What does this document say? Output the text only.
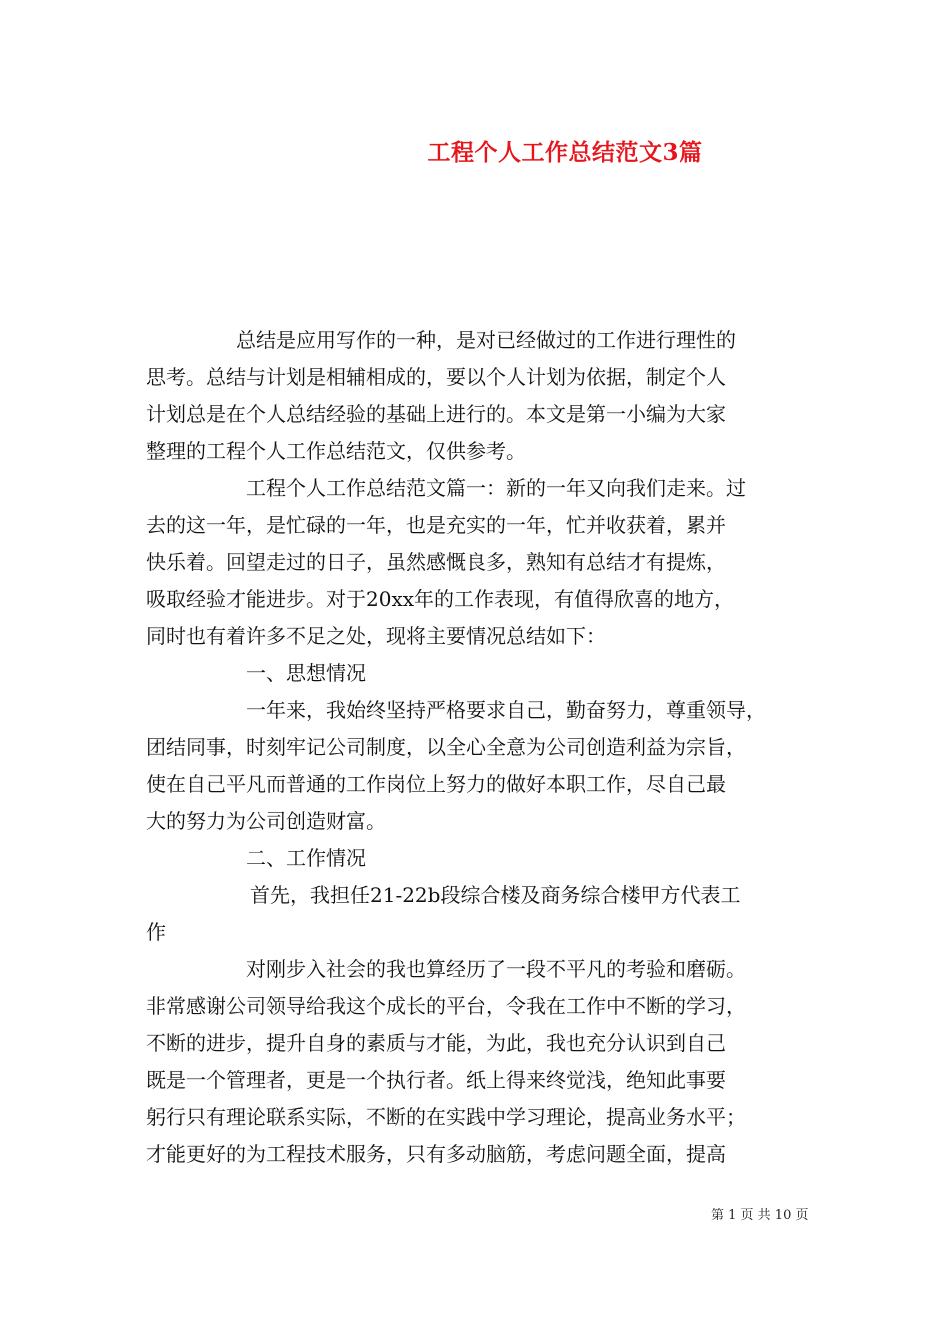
工程个人工作总结范文3篇
总结是应用写作的一种，是对已经做过的工作进行理性的
思考。总结与计划是相辅相成的，要以个人计划为依据，制定个人
计划总是在个人总结经验的基础上进行的。本文是第一小编为大家
整理的工程个人工作总结范文，仅供参考。
工程个人工作总结范文篇一：新的一年又向我们走来。过
去的这一年，是忙碌的一年，也是充实的一年，忙并收获着，累并
快乐着。回望走过的日子，虽然感慨良多，熟知有总结才有提炼，
吸取经验才能进步。对于20xx年的工作表现，有值得欣喜的地方，
同时也有着许多不足之处，现将主要情况总结如下：
一、思想情况
一年来，我始终坚持严格要求自己，勤奋努力，尊重领导，
团结同事，时刻牢记公司制度，以全心全意为公司创造利益为宗旨，
使在自己平凡而普通的工作岗位上努力的做好本职工作，尽自己最
大的努力为公司创造财富。
二、工作情况
首先，我担任21-22b段综合楼及商务综合楼甲方代表工
作
对刚步入社会的我也算经历了一段不平凡的考验和磨砺。
非常感谢公司领导给我这个成长的平台，令我在工作中不断的学习，
不断的进步，提升自身的素质与才能，为此，我也充分认识到自己
既是一个管理者，更是一个执行者。纸上得来终觉浅，绝知此事要
躬行只有理论联系实际，不断的在实践中学习理论，提高业务水平；
才能更好的为工程技术服务，只有多动脑筋，考虑问题全面，提高
第 1 页 共 10 页
